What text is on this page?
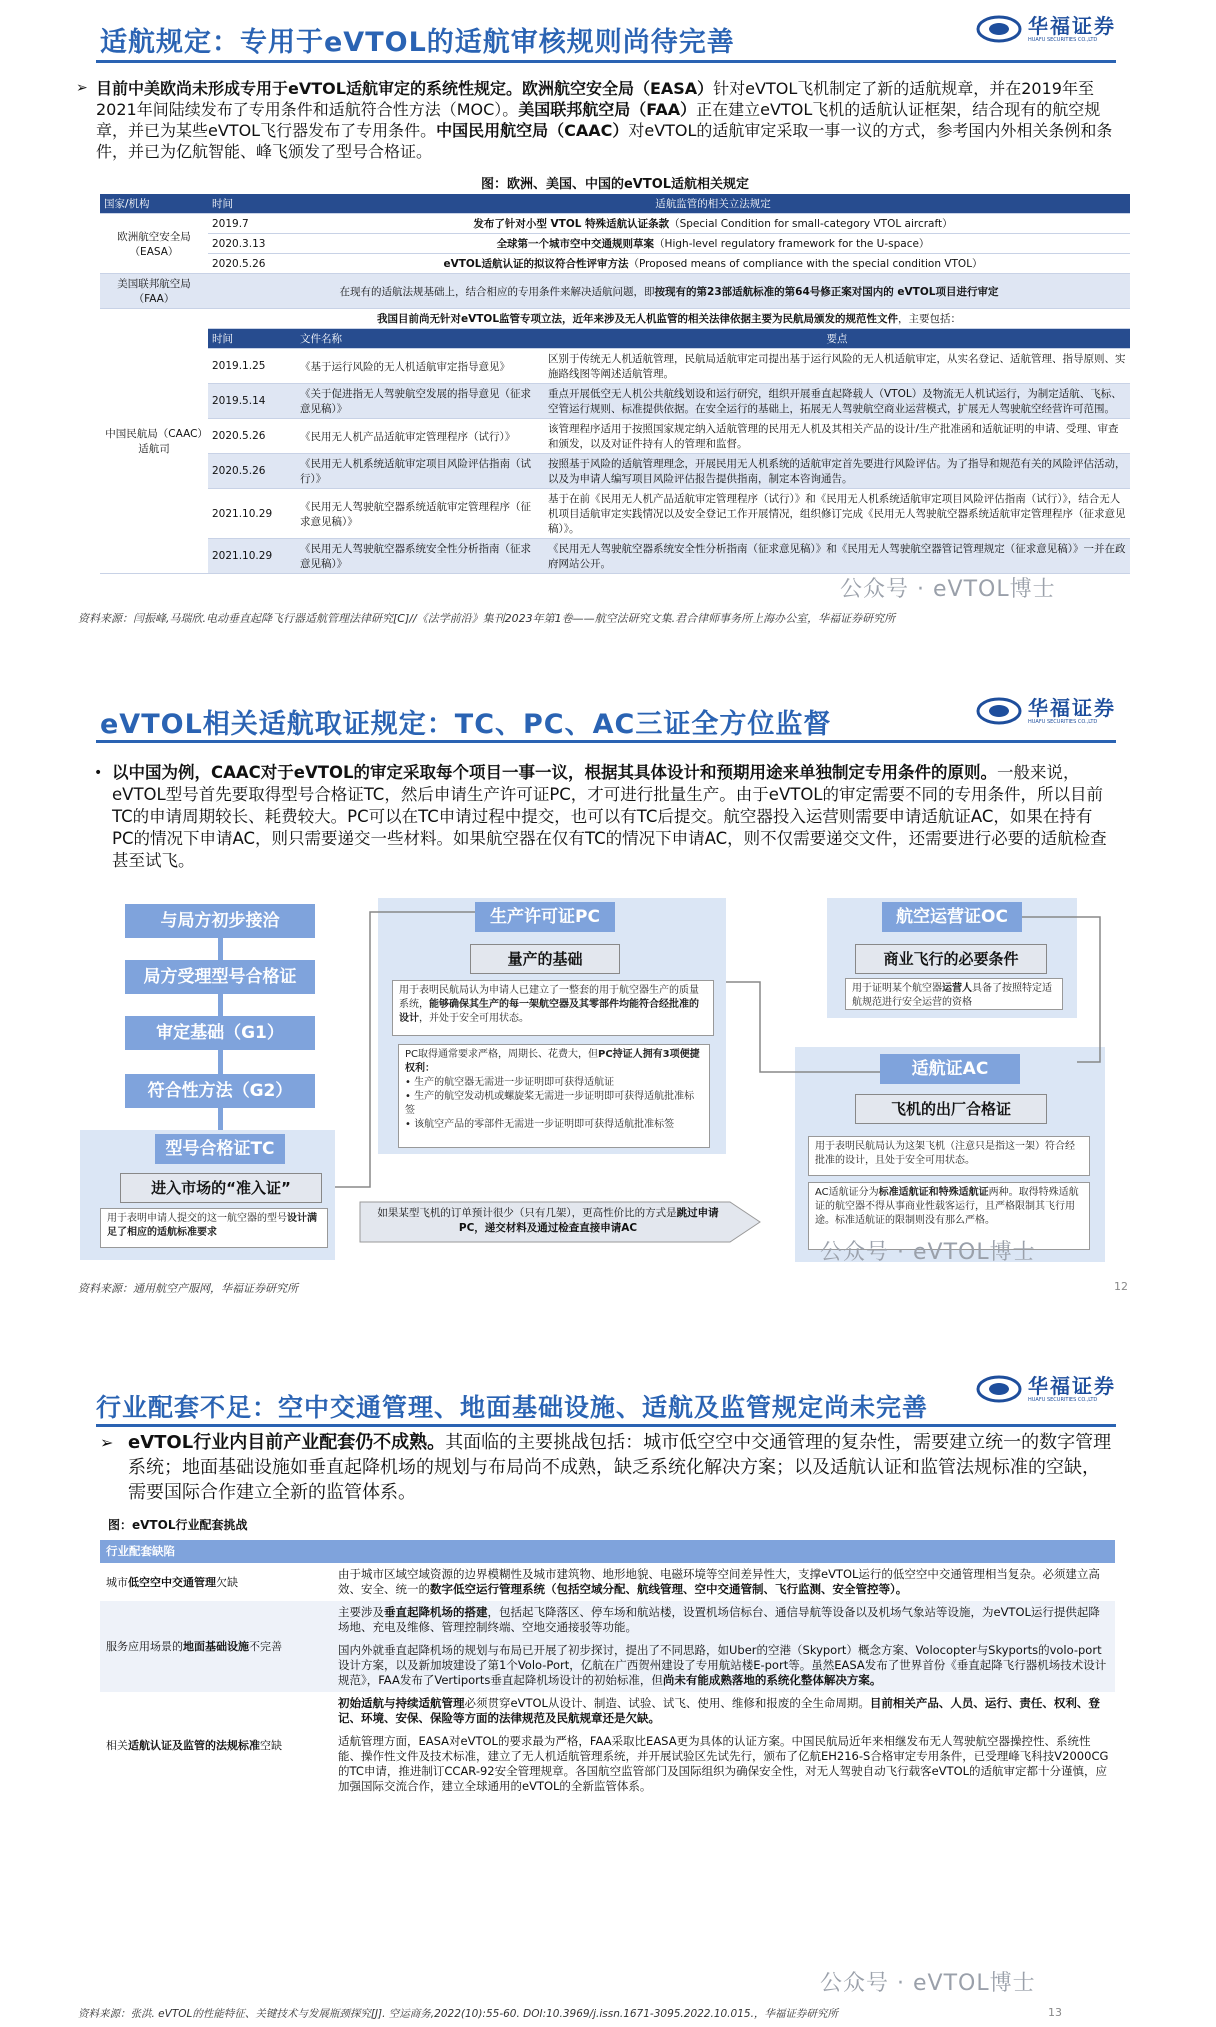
适航规定：专用于eVTOL的适航审核规则尚待完善
华福证券
HUAFU SECURITIES CO.,LTD
➢ 目前中美欧尚未形成专用于eVTOL适航审定的系统性规定。欧洲航空安全局（EASA）针对eVTOL飞机制定了新的适航规章，并在2019年至2021年间陆续发布了专用条件和适航符合性方法（MOC）。美国联邦航空局（FAA）正在建立eVTOL飞机的适航认证框架，结合现有的航空规章，并已为某些eVTOL飞行器发布了专用条件。中国民用航空局（CAAC）对eVTOL的适航审定采取一事一议的方式，参考国内外相关条例和条件，并已为亿航智能、峰飞颁发了型号合格证。
图：欧洲、美国、中国的eVTOL适航相关规定
国家/机构	时间	适航监管的相关立法规定	
欧洲航空安全局（EASA）	2019.7	发布了针对小型 VTOL 特殊适航认证条款（Special Condition for small-category VTOL aircraft）	
	2020.3.13	全球第一个城市空中交通规则草案（High-level regulatory framework for the U-space）	
	2020.5.26	eVTOL适航认证的拟议符合性评审方法（Proposed means of compliance with the special condition VTOL）	
美国联邦航空局（FAA）	在现有的适航法规基础上，结合相应的专用条件来解决适航问题，即按现有的第23部适航标准的第64号修正案对国内的 eVTOL项目进行审定		
中国民航局（CAAC）适航司	我国目前尚无针对eVTOL监管专项立法，近年来涉及无人机监管的相关法律依据主要为民航局颁发的规范性文件，主要包括：		
	时间	文件名称	要点
	2019.1.25	《基于运行风险的无人机适航审定指导意见》	区别于传统无人机适航管理，民航局适航审定司提出基于运行风险的无人机适航审定，从实名登记、适航管理、指导原则、实施路线图等阐述适航管理。
	2019.5.14	《关于促进指无人驾驶航空发展的指导意见（征求意见稿）》	重点开展低空无人机公共航线划设和运行研究，组织开展垂直起降载人（VTOL）及物流无人机试运行，为制定适航、飞标、空管运行规则、标准提供依据。在安全运行的基础上，拓展无人驾驶航空商业运营模式，扩展无人驾驶航空经营许可范围。
	2020.5.26	《民用无人机产品适航审定管理程序（试行）》	该管理程序适用于按照国家规定纳入适航管理的民用无人机及其相关产品的设计/生产批准函和适航证明的申请、受理、审查和颁发，以及对证件持有人的管理和监督。
	2020.5.26	《民用无人机系统适航审定项目风险评估指南（试行）》	按照基于风险的适航管理理念，开展民用无人机系统的适航审定首先要进行风险评估。为了指导和规范有关的风险评估活动，以及为申请人编写项目风险评估报告提供指南，制定本咨询通告。
	2021.10.29	《民用无人驾驶航空器系统适航审定管理程序（征求意见稿）》	基于在前《民用无人机产品适航审定管理程序（试行）》和《民用无人机系统适航审定项目风险评估指南（试行）》，结合无人机项目适航审定实践情况以及安全登记工作开展情况，组织修订完成《民用无人驾驶航空器系统适航审定管理程序（征求意见稿）》。
	2021.10.29	《民用无人驾驶航空器系统安全性分析指南（征求意见稿）》	《民用无人驾驶航空器系统安全性分析指南（征求意见稿）》和《民用无人驾驶航空器管记管理规定（征求意见稿）》一并在政府网站公开。
公众号 · eVTOL博士
资料来源：闫振峰,马瑞欣.电动垂直起降飞行器适航管理法律研究[C]//《法学前沿》集刊2023年第1卷——航空法研究文集.君合律师事务所上海办公室，华福证券研究所
eVTOL相关适航取证规定：TC、PC、AC三证全方位监督
华福证券
HUAFU SECURITIES CO.,LTD
• 以中国为例，CAAC对于eVTOL的审定采取每个项目一事一议，根据其具体设计和预期用途来单独制定专用条件的原则。一般来说，eVTOL型号首先要取得型号合格证TC，然后申请生产许可证PC，才可进行批量生产。由于eVTOL的审定需要不同的专用条件，所以目前TC的申请周期较长、耗费较大。PC可以在TC申请过程中提交，也可以有TC后提交。航空器投入运营则需要申请适航证AC，如果在持有PC的情况下申请AC，则只需要递交一些材料。如果航空器在仅有TC的情况下申请AC，则不仅需要递交文件，还需要进行必要的适航检查甚至试飞。
与局方初步接洽
局方受理型号合格证
审定基础（G1）
符合性方法（G2）
型号合格证TC
进入市场的“准入证”
用于表明申请人提交的这一航空器的型号设计满足了相应的适航标准要求
生产许可证PC
量产的基础
用于表明民航局认为申请人已建立了一整套的用于航空器生产的质量系统，能够确保其生产的每一架航空器及其零部件均能符合经批准的设计，并处于安全可用状态。
PC取得通常要求严格，周期长、花费大，但PC持证人拥有3项便捷权利：
• 生产的航空器无需进一步证明即可获得适航证
• 生产的航空发动机或螺旋桨无需进一步证明即可获得适航批准标签
• 该航空产品的零部件无需进一步证明即可获得适航批准标签
航空运营证OC
商业飞行的必要条件
用于证明某个航空器运营人具备了按照特定适航规范进行安全运营的资格
适航证AC
飞机的出厂合格证
用于表明民航局认为这架飞机（注意只是指这一架）符合经批准的设计，且处于安全可用状态。
AC适航证分为标准适航证和特殊适航证两种。取得特殊适航证的航空器不得从事商业性载客运行，且严格限制其飞行用途。标准适航证的限制则没有那么严格。
如果某型飞机的订单预计很少（只有几架），更高性价比的方式是跳过申请PC，递交材料及通过检查直接申请AC
公众号 · eVTOL博士
资料来源：通用航空产服网，华福证券研究所	12
行业配套不足：空中交通管理、地面基础设施、适航及监管规定尚未完善
华福证券
HUAFU SECURITIES CO.,LTD
➢ eVTOL行业内目前产业配套仍不成熟。其面临的主要挑战包括：城市低空空中交通管理的复杂性，需要建立统一的数字管理系统；地面基础设施如垂直起降机场的规划与布局尚不成熟，缺乏系统化解决方案；以及适航认证和监管法规标准的空缺，需要国际合作建立全新的监管体系。
图：eVTOL行业配套挑战
行业配套缺陷	
城市低空空中交通管理欠缺	由于城市区域空域资源的边界模糊性及城市建筑物、地形地貌、电磁环境等空间差异性大，支撑eVTOL运行的低空空中交通管理相当复杂。必须建立高效、安全、统一的数字低空运行管理系统（包括空域分配、航线管理、空中交通管制、飞行监测、安全管控等）。
服务应用场景的地面基础设施不完善	主要涉及垂直起降机场的搭建，包括起飞降落区、停车场和航站楼，设置机场信标台、通信导航等设备以及机场气象站等设施，为eVTOL运行提供起降场地、充电及维修、管理控制终端、空地交通接驳等功能。
	国内外就垂直起降机场的规划与布局已开展了初步探讨，提出了不同思路，如Uber的空港（Skyport）概念方案、Volocopter与Skyports的volo-port设计方案，以及新加坡建设了第1个Volo-Port，亿航在广西贺州建设了专用航站楼E-port等。虽然EASA发布了世界首份《垂直起降飞行器机场技术设计规范》，FAA发布了Vertiports垂直起降机场设计的初始标准，但尚未有能成熟落地的系统化整体解决方案。
相关适航认证及监管的法规标准空缺	初始适航与持续适航管理必须贯穿eVTOL从设计、制造、试验、试飞、使用、维修和报废的全生命周期。目前相关产品、人员、运行、责任、权利、登记、环境、安保、保险等方面的法律规范及民航规章还是欠缺。
	适航管理方面，EASA对eVTOL的要求最为严格，FAA采取比EASA更为具体的认证方案。中国民航局近年来相继发布无人驾驶航空器操控性、系统性能、操作性文件及技术标准，建立了无人机适航管理系统，并开展试验区先试先行，颁布了亿航EH216-S合格审定专用条件，已受理峰飞科技V2000CG的TC申请，推进制订CCAR-92安全管理规章。各国航空监管部门及国际组织为确保安全性，对无人驾驶自动飞行载客eVTOL的适航审定都十分谨慎，应加强国际交流合作，建立全球通用的eVTOL的全新监管体系。
公众号 · eVTOL博士
资料来源：张洪. eVTOL的性能特征、关键技术与发展瓶颈探究[J]. 空运商务,2022(10):55-60. DOI:10.3969/j.issn.1671-3095.2022.10.015.，华福证券研究所	13
